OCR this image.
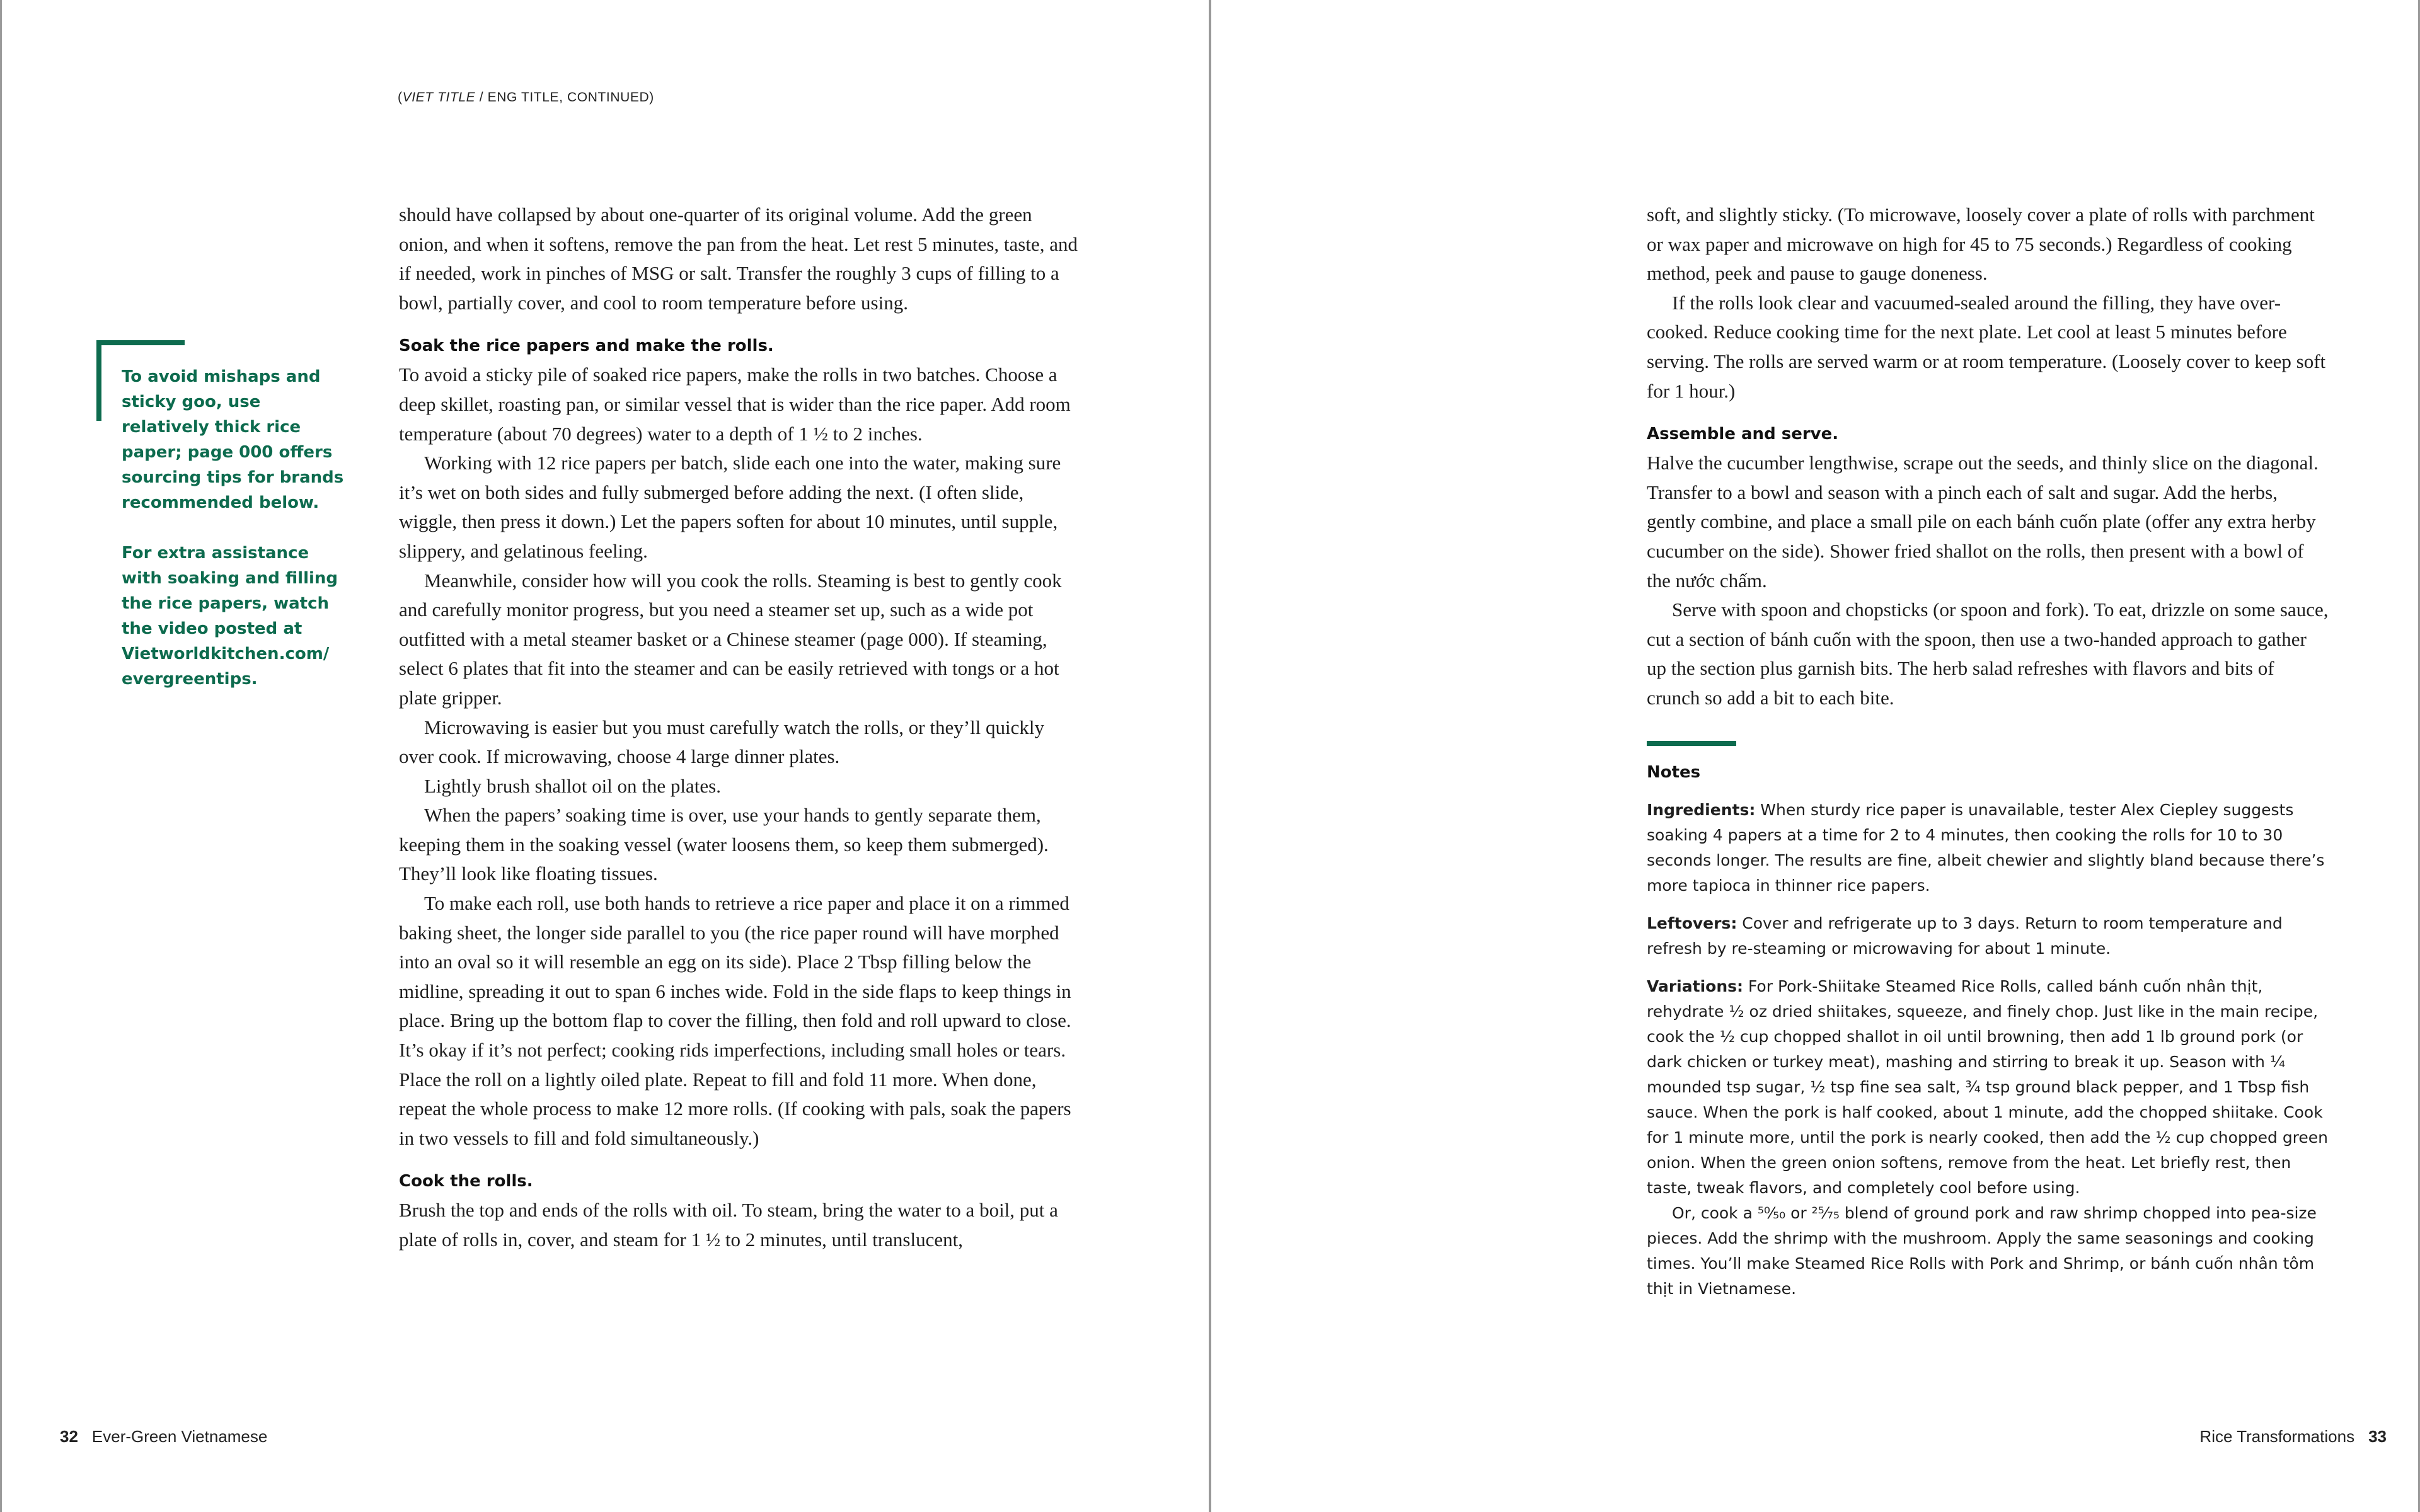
(VIET TITLE / ENG TITLE, CONTINUED)

To avoid mishaps and sticky goo, use relatively thick rice paper; page 000 offers sourcing tips for brands recommended below.

For extra assistance with soaking and filling the rice papers, watch the video posted at Vietworldkitchen.com/ evergreentips.

should have collapsed by about one-quarter of its original volume. Add the green onion, and when it softens, remove the pan from the heat. Let rest 5 minutes, taste, and if needed, work in pinches of MSG or salt. Transfer the roughly 3 cups of filling to a bowl, partially cover, and cool to room temperature before using.

Soak the rice papers and make the rolls.

To avoid a sticky pile of soaked rice papers, make the rolls in two batches. Choose a deep skillet, roasting pan, or similar vessel that is wider than the rice paper. Add room temperature (about 70 degrees) water to a depth of 1 ½ to 2 inches.

Working with 12 rice papers per batch, slide each one into the water, making sure it’s wet on both sides and fully submerged before adding the next. (I often slide, wiggle, then press it down.) Let the papers soften for about 10 minutes, until supple, slippery, and gelatinous feeling.

Meanwhile, consider how will you cook the rolls. Steaming is best to gently cook and carefully monitor progress, but you need a steamer set up, such as a wide pot outfitted with a metal steamer basket or a Chinese steamer (page 000). If steaming, select 6 plates that fit into the steamer and can be easily retrieved with tongs or a hot plate gripper.

Microwaving is easier but you must carefully watch the rolls, or they’ll quickly over cook. If microwaving, choose 4 large dinner plates.

Lightly brush shallot oil on the plates.

When the papers’ soaking time is over, use your hands to gently separate them, keeping them in the soaking vessel (water loosens them, so keep them submerged). They’ll look like floating tissues.

To make each roll, use both hands to retrieve a rice paper and place it on a rimmed baking sheet, the longer side parallel to you (the rice paper round will have morphed into an oval so it will resemble an egg on its side). Place 2 Tbsp filling below the midline, spreading it out to span 6 inches wide. Fold in the side flaps to keep things in place. Bring up the bottom flap to cover the filling, then fold and roll upward to close. It’s okay if it’s not perfect; cooking rids imperfections, including small holes or tears. Place the roll on a lightly oiled plate. Repeat to fill and fold 11 more. When done, repeat the whole process to make 12 more rolls. (If cooking with pals, soak the papers in two vessels to fill and fold simultaneously.)

Cook the rolls.

Brush the top and ends of the rolls with oil. To steam, bring the water to a boil, put a plate of rolls in, cover, and steam for 1 ½ to 2 minutes, until translucent,

32 Ever-Green Vietnamese

soft, and slightly sticky. (To microwave, loosely cover a plate of rolls with parchment or wax paper and microwave on high for 45 to 75 seconds.) Regardless of cooking method, peek and pause to gauge doneness.

If the rolls look clear and vacuumed-sealed around the filling, they have over-cooked. Reduce cooking time for the next plate. Let cool at least 5 minutes before serving. The rolls are served warm or at room temperature. (Loosely cover to keep soft for 1 hour.)

Assemble and serve.

Halve the cucumber lengthwise, scrape out the seeds, and thinly slice on the diagonal. Transfer to a bowl and season with a pinch each of salt and sugar. Add the herbs, gently combine, and place a small pile on each bánh cuốn plate (offer any extra herby cucumber on the side). Shower fried shallot on the rolls, then present with a bowl of the nước chấm.

Serve with spoon and chopsticks (or spoon and fork). To eat, drizzle on some sauce, cut a section of bánh cuốn with the spoon, then use a two-handed approach to gather up the section plus garnish bits. The herb salad refreshes with flavors and bits of crunch so add a bit to each bite.

Notes
Ingredients: When sturdy rice paper is unavailable, tester Alex Ciepley suggests soaking 4 papers at a time for 2 to 4 minutes, then cooking the rolls for 10 to 30 seconds longer. The results are fine, albeit chewier and slightly bland because there’s more tapioca in thinner rice papers.
Leftovers: Cover and refrigerate up to 3 days. Return to room temperature and refresh by re-steaming or microwaving for about 1 minute.
Variations: For Pork-Shiitake Steamed Rice Rolls, called bánh cuốn nhân thịt, rehydrate ½ oz dried shiitakes, squeeze, and finely chop. Just like in the main recipe, cook the ½ cup chopped shallot in oil until browning, then add 1 lb ground pork (or dark chicken or turkey meat), mashing and stirring to break it up. Season with ¼ mounded tsp sugar, ½ tsp fine sea salt, ¾ tsp ground black pepper, and 1 Tbsp fish sauce. When the pork is half cooked, about 1 minute, add the chopped shiitake. Cook for 1 minute more, until the pork is nearly cooked, then add the ½ cup chopped green onion. When the green onion softens, remove from the heat. Let briefly rest, then taste, tweak flavors, and completely cool before using.
Or, cook a ⁵⁰⁄₅₀ or ²⁵⁄₇₅ blend of ground pork and raw shrimp chopped into pea-size pieces. Add the shrimp with the mushroom. Apply the same seasonings and cooking times. You’ll make Steamed Rice Rolls with Pork and Shrimp, or bánh cuốn nhân tôm thịt in Vietnamese.
Rice Transformations 33
